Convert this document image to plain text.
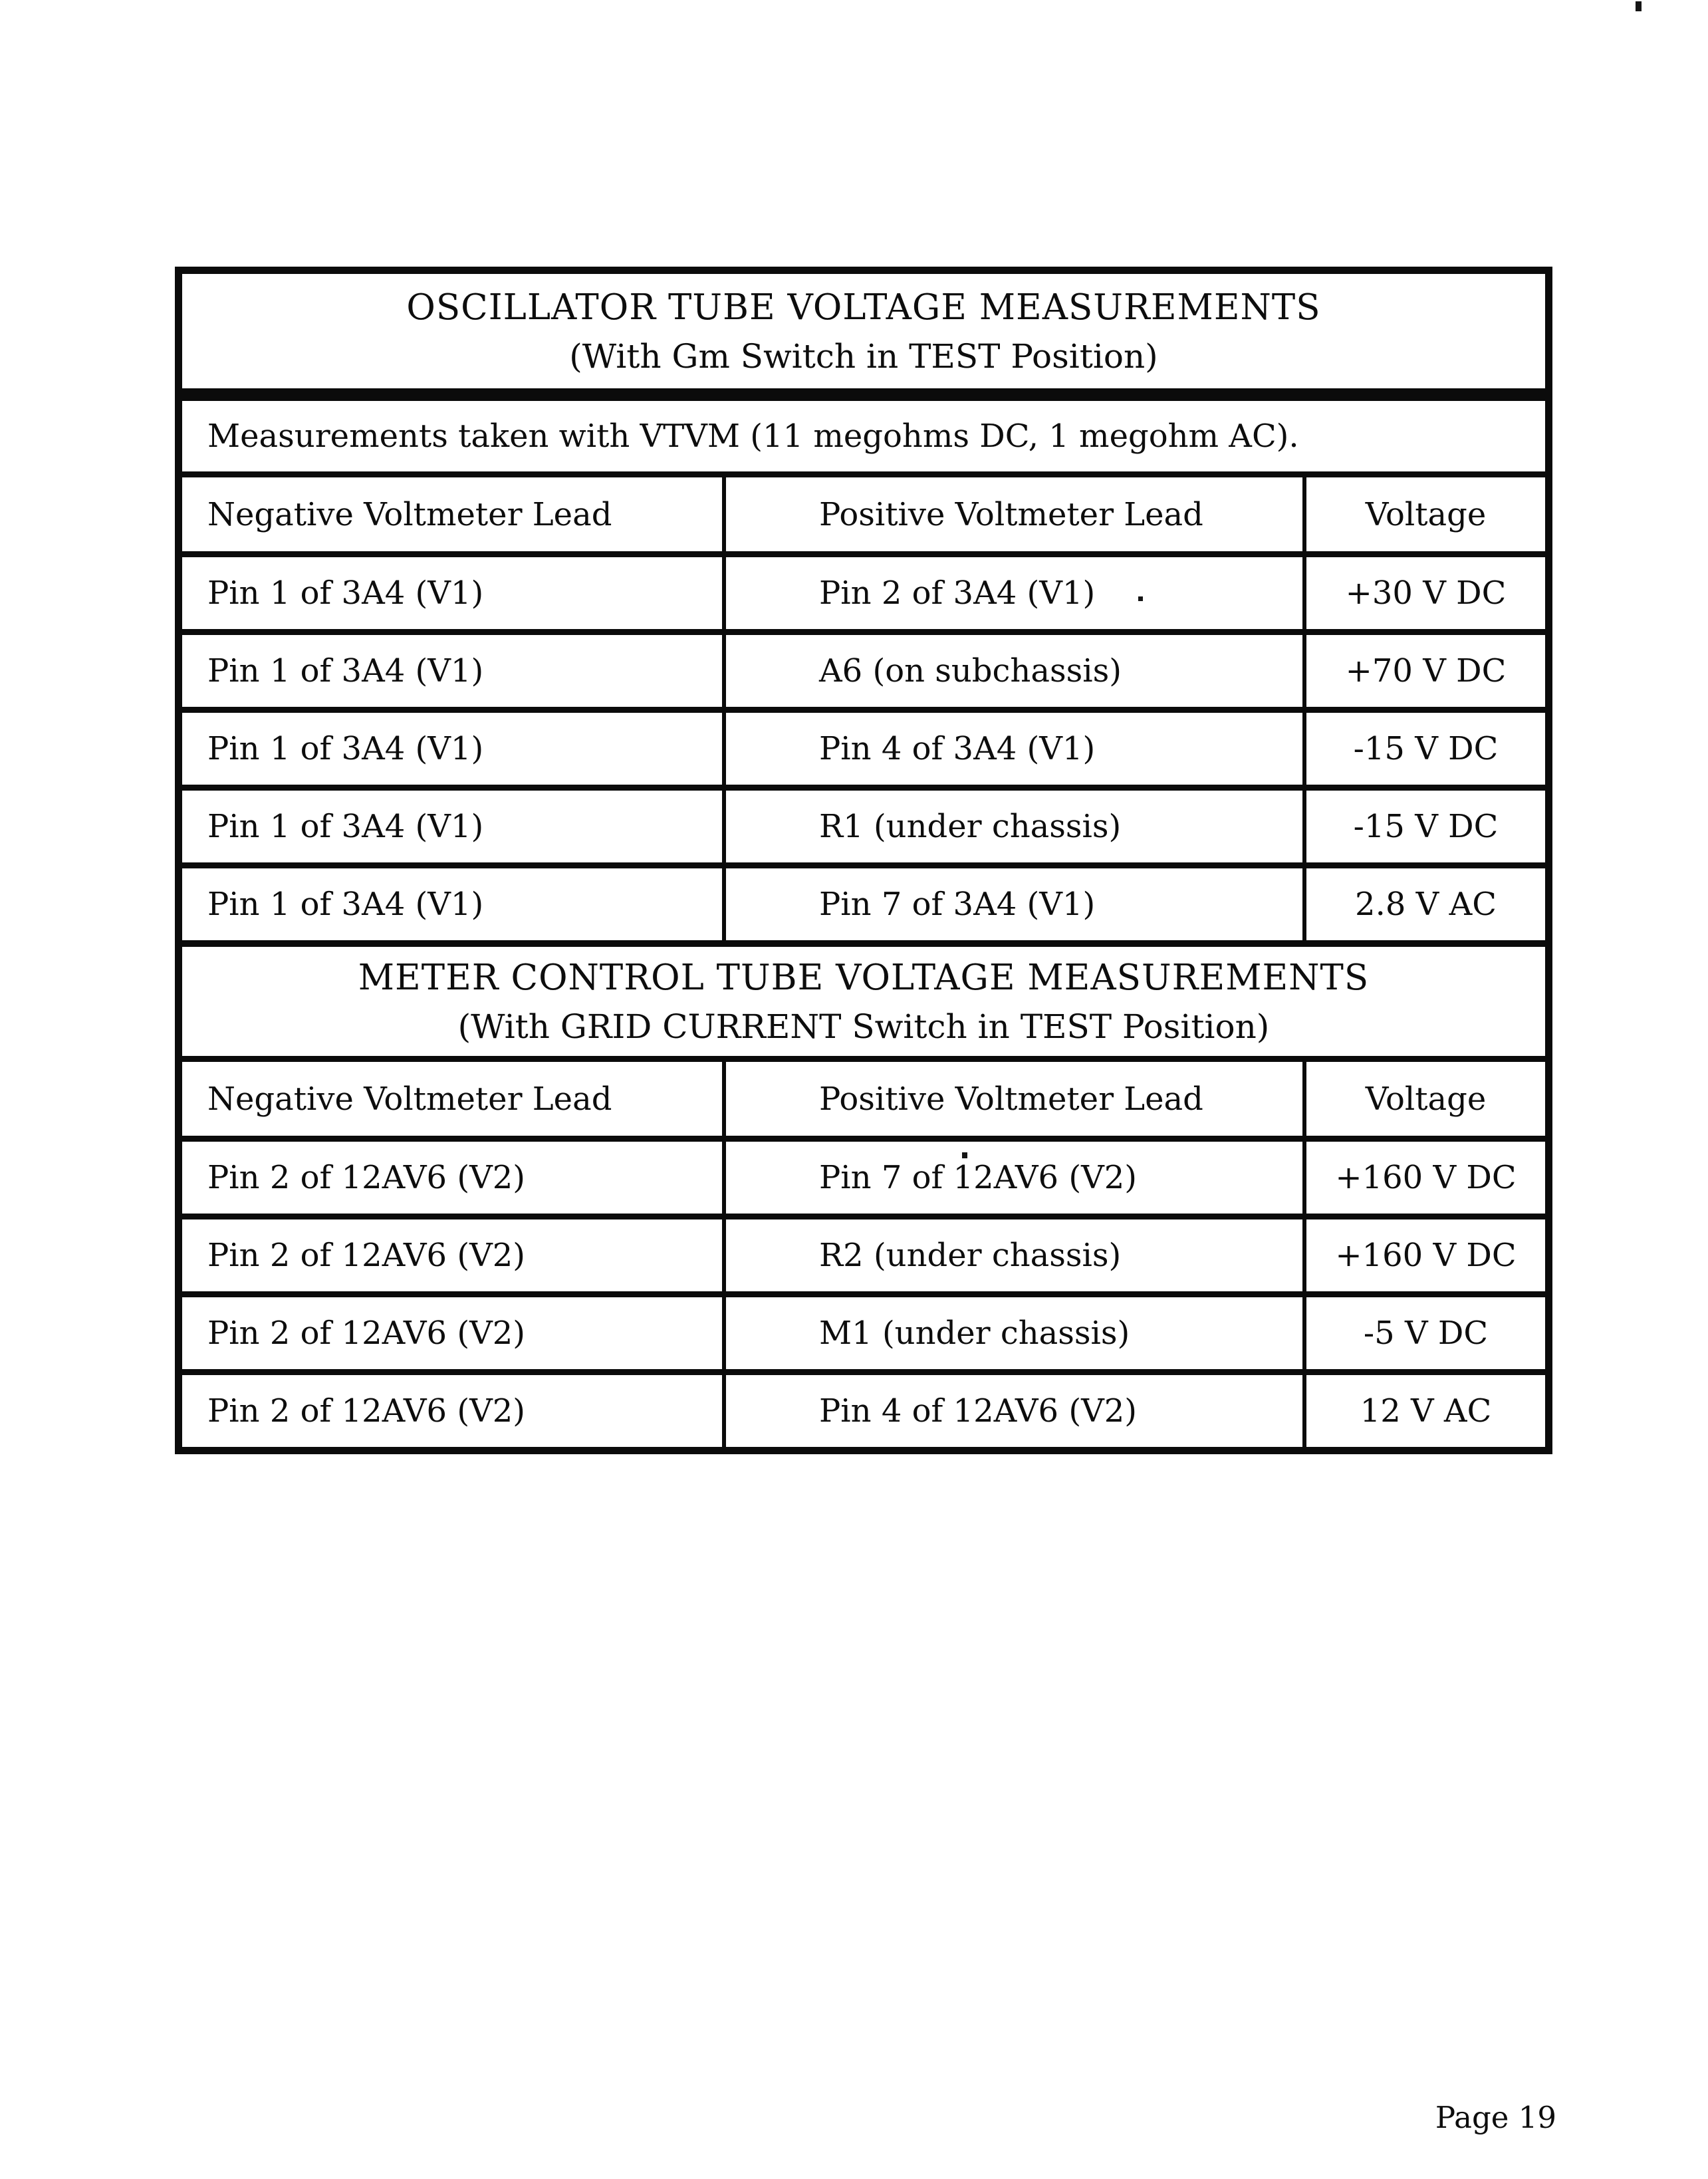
OSCILLATOR TUBE VOLTAGE MEASUREMENTS
(With Gm Switch in TEST Position)
Measurements taken with VTVM (11 megohms DC, 1 megohm AC).
Negative Voltmeter Lead	Positive Voltmeter Lead	Voltage
Pin 1 of 3A4 (V1)	Pin 2 of 3A4 (V1)	+30 V DC
Pin 1 of 3A4 (V1)	A6 (on subchassis)	+70 V DC
Pin 1 of 3A4 (V1)	Pin 4 of 3A4 (V1)	-15 V DC
Pin 1 of 3A4 (V1)	R1 (under chassis)	-15 V DC
Pin 1 of 3A4 (V1)	Pin 7 of 3A4 (V1)	2.8 V AC
METER CONTROL TUBE VOLTAGE MEASUREMENTS
(With GRID CURRENT Switch in TEST Position)
Negative Voltmeter Lead	Positive Voltmeter Lead	Voltage
Pin 2 of 12AV6 (V2)	Pin 7 of 12AV6 (V2)	+160 V DC
Pin 2 of 12AV6 (V2)	R2 (under chassis)	+160 V DC
Pin 2 of 12AV6 (V2)	M1 (under chassis)	-5 V DC
Pin 2 of 12AV6 (V2)	Pin 4 of 12AV6 (V2)	12 V AC
Page 19
